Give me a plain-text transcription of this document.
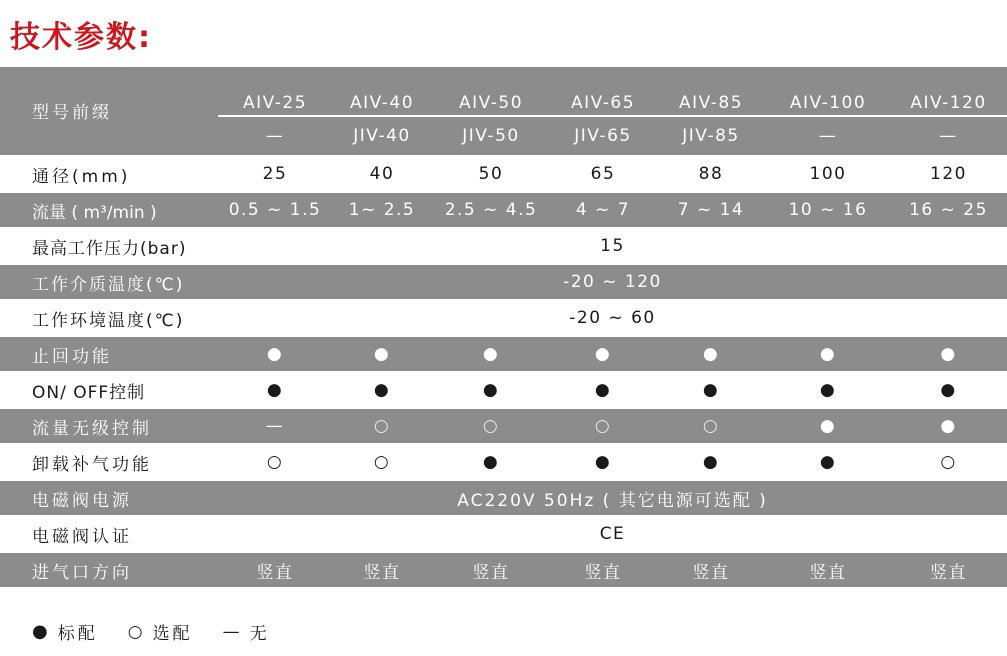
技术参数:
型号前缀	AIV-25	AIV-40	AIV-50	AIV-65	AIV-85	AIV-100	AIV-120
	—	JIV-40	JIV-50	JIV-65	JIV-85	—	—
通径(mm)	25	40	50	65	88	100	120
流量 ( m³/min )	0.5 ~ 1.5	1~ 2.5	2.5 ~ 4.5	4 ~ 7	7 ~ 14	10 ~ 16	16 ~ 25
最高工作压力(bar)	15						
工作介质温度(℃)	-20 ~ 120						
工作环境温度(℃)	-20 ~ 60						
止回功能	●	●	●	●	●	●	●
ON/ OFF控制	●	●	●	●	●	●	●
流量无级控制	—	○	○	○	○	●	●
卸载补气功能	○	○	●	●	●	●	○
电磁阀电源	AC220V 50Hz ( 其它电源可选配 )						
电磁阀认证	CE						
进气口方向	竖直	竖直	竖直	竖直	竖直	竖直	竖直
● 标配 ○ 选配 — 无
